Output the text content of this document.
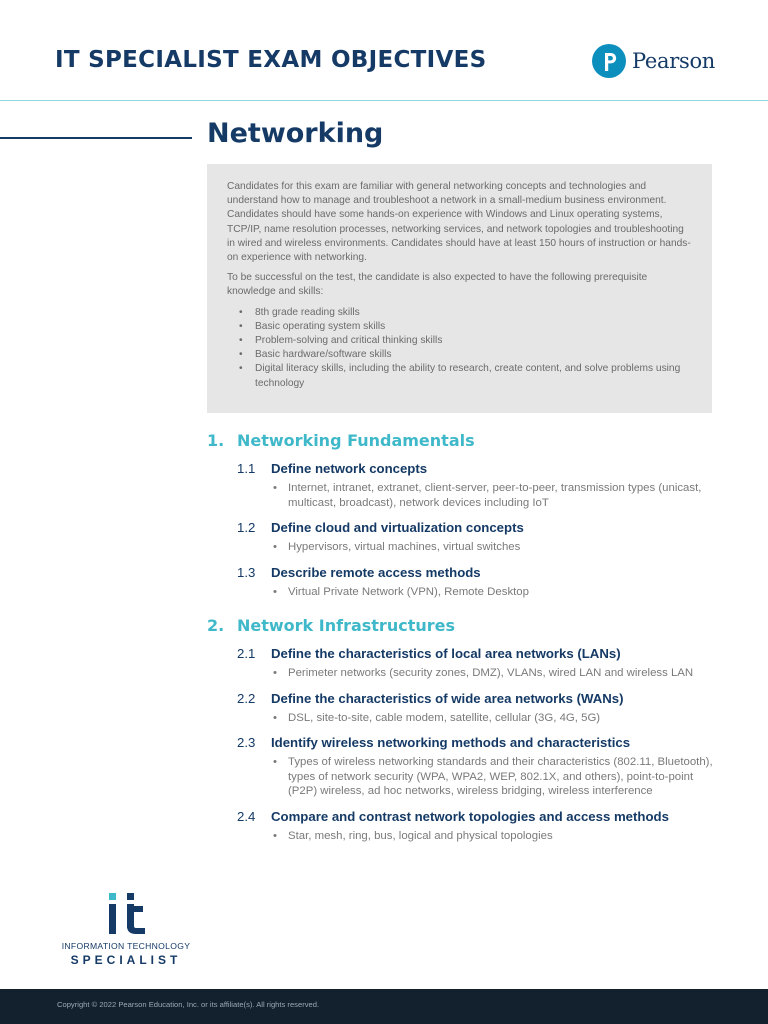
IT SPECIALIST EXAM OBJECTIVES	Pearson
Networking

Candidates for this exam are familiar with general networking concepts and technologies and understand how to manage and troubleshoot a network in a small-medium business environment. Candidates should have some hands-on experience with Windows and Linux operating systems, TCP/IP, name resolution processes, networking services, and network topologies and troubleshooting in wired and wireless environments. Candidates should have at least 150 hours of instruction or hands-on experience with networking.

To be successful on the test, the candidate is also expected to have the following prerequisite knowledge and skills:

• 8th grade reading skills
• Basic operating system skills
• Problem-solving and critical thinking skills
• Basic hardware/software skills
• Digital literacy skills, including the ability to research, create content, and solve problems using technology
1. Networking Fundamentals
1.1	Define network concepts
• Internet, intranet, extranet, client-server, peer-to-peer, transmission types (unicast, multicast, broadcast), network devices including IoT
1.2	Define cloud and virtualization concepts
• Hypervisors, virtual machines, virtual switches
1.3	Describe remote access methods
• Virtual Private Network (VPN), Remote Desktop
2. Network Infrastructures
2.1	Define the characteristics of local area networks (LANs)
• Perimeter networks (security zones, DMZ), VLANs, wired LAN and wireless LAN
2.2	Define the characteristics of wide area networks (WANs)
• DSL, site-to-site, cable modem, satellite, cellular (3G, 4G, 5G)
2.3	Identify wireless networking methods and characteristics
• Types of wireless networking standards and their characteristics (802.11, Bluetooth), types of network security (WPA, WPA2, WEP, 802.1X, and others), point-to-point (P2P) wireless, ad hoc networks, wireless bridging, wireless interference
2.4	Compare and contrast network topologies and access methods
• Star, mesh, ring, bus, logical and physical topologies
INFORMATION TECHNOLOGY
SPECIALIST
Copyright © 2022 Pearson Education, Inc. or its affiliate(s). All rights reserved.
